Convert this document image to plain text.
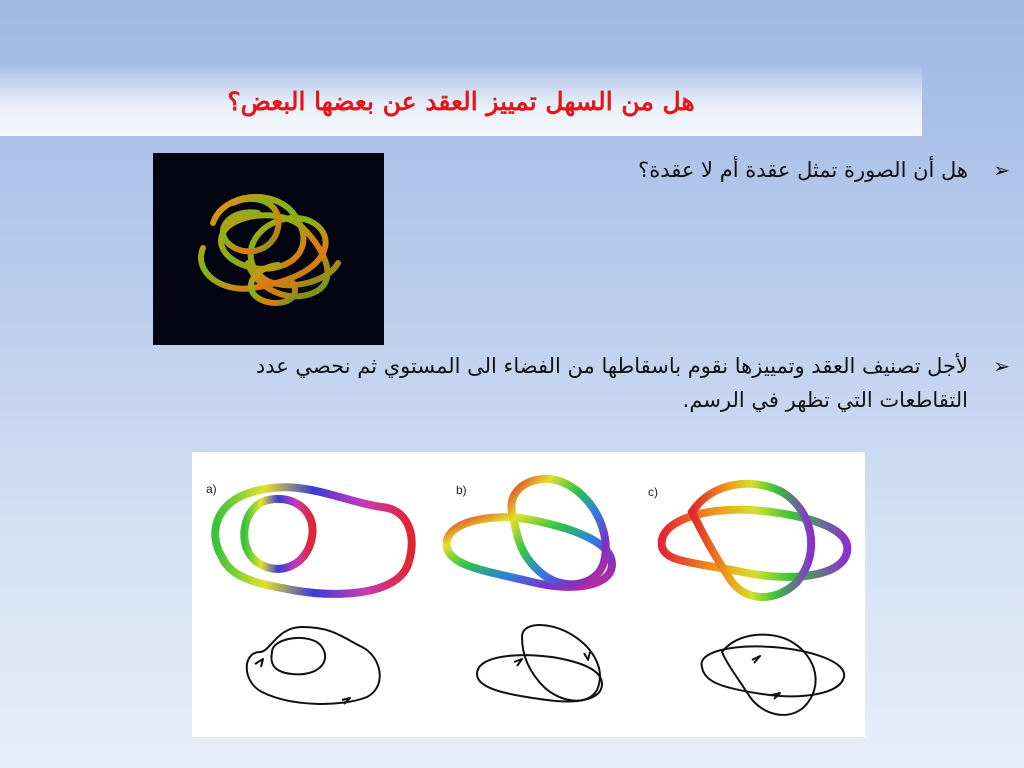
هل من السهل تمييز العقد عن بعضها البعض؟
➢
هل أن الصورة تمثل عقدة أم لا عقدة؟
➢
لأجل تصنيف العقد وتمييزها نقوم باسقاطها من الفضاء الى المستوي ثم نحصي عدد التقاطعات التي تظهر في الرسم.
a)	b)	c)
